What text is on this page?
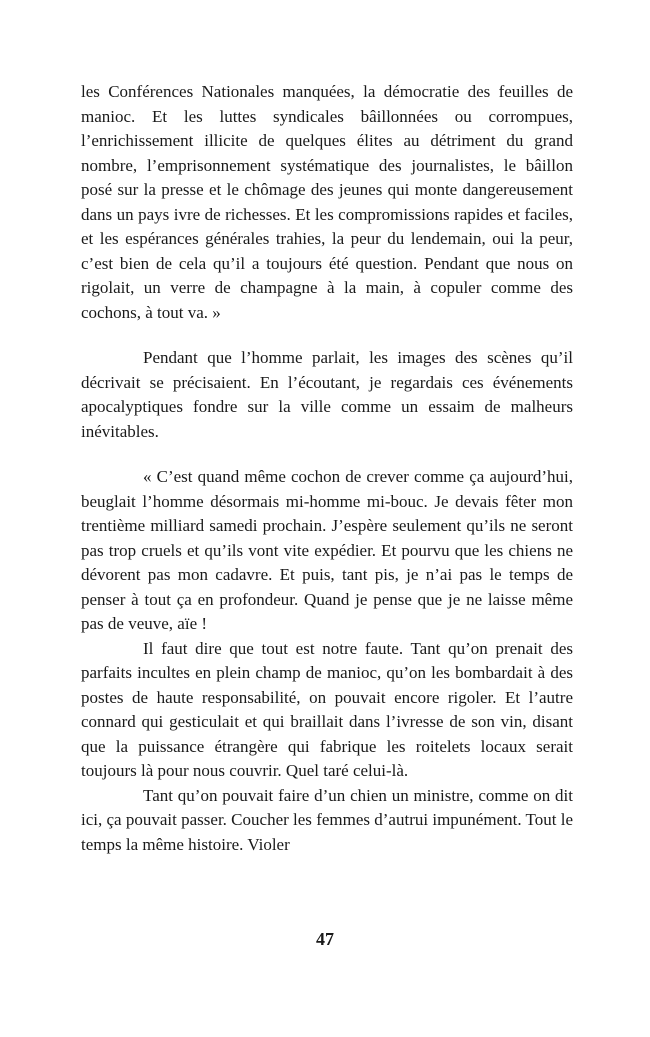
les Conférences Nationales manquées, la démocratie des feuilles de manioc. Et les luttes syndicales bâillonnées ou corrompues, l’enrichissement illicite de quelques élites au détriment du grand nombre, l’emprisonnement systématique des journalistes, le bâillon posé sur la presse et le chômage des jeunes qui monte dangereusement dans un pays ivre de richesses. Et les compromissions rapides et faciles, et les espérances générales trahies, la peur du lendemain, oui la peur, c’est bien de cela qu’il a toujours été question. Pendant que nous on rigolait, un verre de champagne à la main, à copuler comme des cochons, à tout va. »

Pendant que l’homme parlait, les images des scènes qu’il décrivait se précisaient. En l’écoutant, je regardais ces événements apocalyptiques fondre sur la ville comme un essaim de malheurs inévitables.

« C’est quand même cochon de crever comme ça aujourd’hui, beuglait l’homme désormais mi-homme mi-bouc. Je devais fêter mon trentième milliard samedi prochain. J’espère seulement qu’ils ne seront pas trop cruels et qu’ils vont vite expédier. Et pourvu que les chiens ne dévorent pas mon cadavre. Et puis, tant pis, je n’ai pas le temps de penser à tout ça en profondeur. Quand je pense que je ne laisse même pas de veuve, aïe !

Il faut dire que tout est notre faute. Tant qu’on prenait des parfaits incultes en plein champ de manioc, qu’on les bombardait à des postes de haute responsabilité, on pouvait encore rigoler. Et l’autre connard qui gesticulait et qui braillait dans l’ivresse de son vin, disant que la puissance étrangère qui fabrique les roitelets locaux serait toujours là pour nous couvrir. Quel taré celui-là.

Tant qu’on pouvait faire d’un chien un ministre, comme on dit ici, ça pouvait passer. Coucher les femmes d’autrui impunément. Tout le temps la même histoire. Violer

47
